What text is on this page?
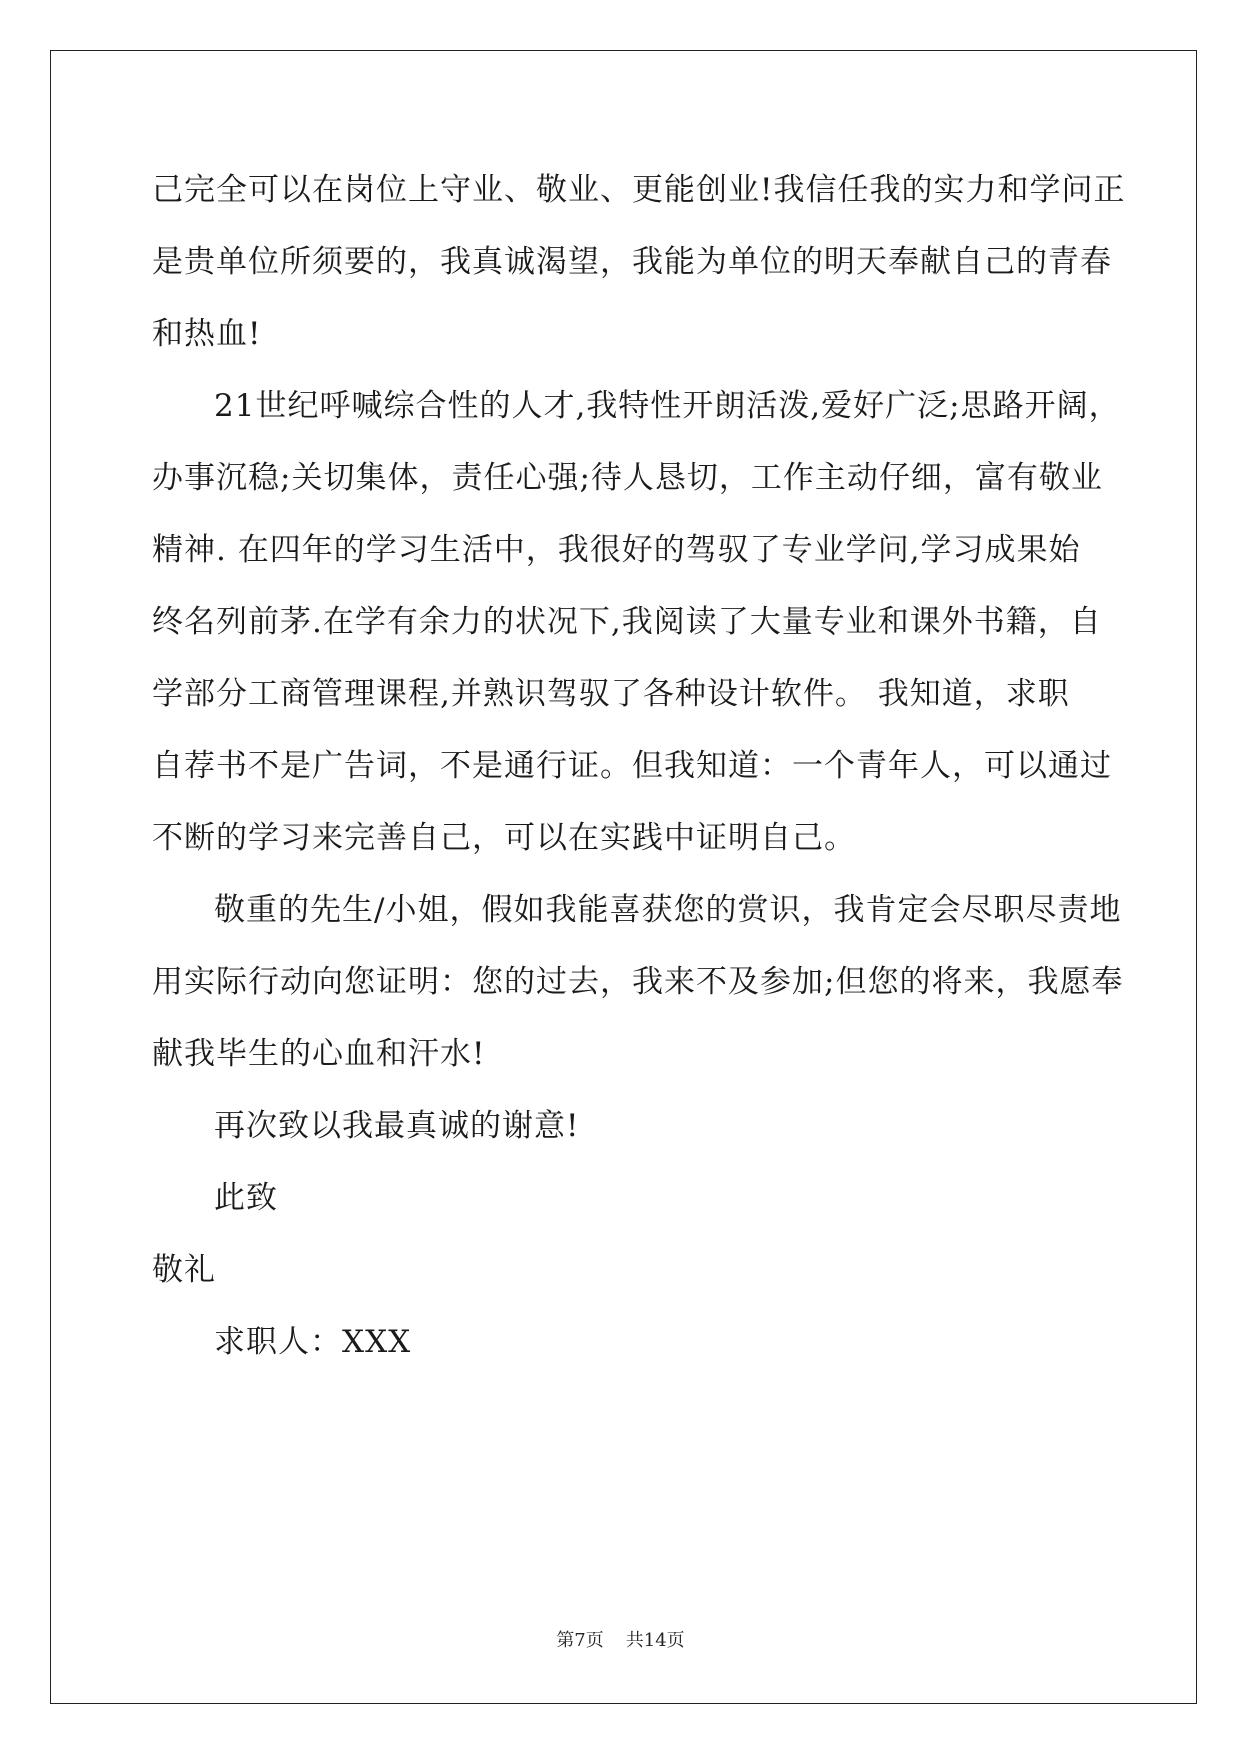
己完全可以在岗位上守业、敬业、更能创业!我信任我的实力和学问正
是贵单位所须要的，我真诚渴望，我能为单位的明天奉献自己的青春
和热血!
21世纪呼喊综合性的人才,我特性开朗活泼,爱好广泛;思路开阔，
办事沉稳;关切集体，责任心强;待人恳切，工作主动仔细，富有敬业
精神. 在四年的学习生活中，我很好的驾驭了专业学问,学习成果始
终名列前茅.在学有余力的状况下,我阅读了大量专业和课外书籍，自
学部分工商管理课程,并熟识驾驭了各种设计软件。 我知道，求职
自荐书不是广告词，不是通行证。但我知道：一个青年人，可以通过
不断的学习来完善自己，可以在实践中证明自己。
敬重的先生/小姐，假如我能喜获您的赏识，我肯定会尽职尽责地
用实际行动向您证明：您的过去，我来不及参加;但您的将来，我愿奉
献我毕生的心血和汗水!
再次致以我最真诚的谢意!
此致
敬礼
求职人：XXX
第7页 共14页
